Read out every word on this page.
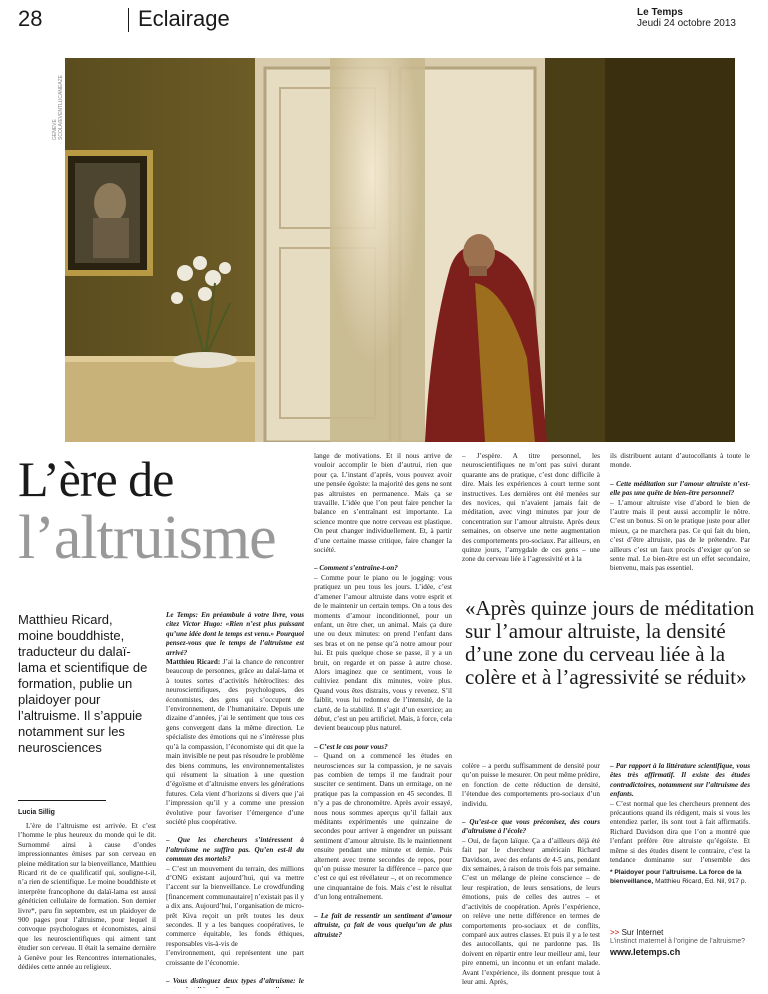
28	Eclairage	Le Temps
Jeudi 24 octobre 2013
GENEVE SCOLA/EVENTLUCANEAZE
L’ère de
l’altruisme
Matthieu Ricard, moine bouddhiste, traducteur du dalaï-lama et scientifique de formation, publie un plaidoyer pour l’altruisme. Il s’appuie notamment sur les neurosciences
Lucia Sillig

L’ère de l’altruisme est arrivée. Et c’est l’homme le plus heureux du monde qui le dit. Surnommé ainsi à cause d’ondes impressionnantes émises par son cerveau en pleine méditation sur la bienveillance, Matthieu Ricard rit de ce qualificatif qui, souligne-t-il, n’a rien de scientifique. Le moine bouddhiste et interprète francophone du dalaï-lama est aussi généticien cellulaire de formation. Son dernier livre*, paru fin septembre, est un plaidoyer de 900 pages pour l’altruisme, pour lequel il convoque psychologues et économistes, ainsi que les neuroscientifiques qui aiment tant étudier son cerveau. Il était la semaine dernière à Genève pour les Rencontres internationales, dédiées cette année au religieux.

Le Temps: En préambule à votre livre, vous citez Victor Hugo: «Rien n’est plus puissant qu’une idée dont le temps est venu.» Pourquoi pensez-vous que le temps de l’altruisme est arrivé?

Matthieu Ricard: J’ai la chance de rencontrer beaucoup de personnes, grâce au dalaï-lama et à toutes sortes d’activités hétéroclites: des neuroscientifiques, des psychologues, des économistes, des gens qui s’occupent de l’environnement, de l’humanitaire. Depuis une dizaine d’années, j’ai le sentiment que tous ces gens convergent dans la même direction. Le spécialiste des émotions qui ne s’intéresse plus qu’à la compassion, l’économiste qui dit que la main invisible ne peut pas résoudre le problème des biens communs, les environnementalistes qui résument la situation à une question d’égoïsme et d’altruisme envers les générations futures. Cela vient d’horizons si divers que j’ai l’impression qu’il y a comme une pression évolutive pour favoriser l’émergence d’une société plus coopérative.

– Que les chercheurs s’intéressent à l’altruisme ne suffira pas. Qu’en est-il du commun des mortels?

– C’est un mouvement du terrain, des millions d’ONG existant aujourd’hui, qui va mettre l’accent sur la bienveillance. Le crowdfunding [financement communautaire] n’existait pas il y a dix ans. Aujourd’hui, l’organisation de micro-prêt Kiva reçoit un prêt toutes les deux secondes. Il y a les banques coopératives, le commerce équitable, les fonds éthiques, responsables vis-à-vis de

l’environnement, qui représentent une part croissante de l’économie.

– Vous distinguez deux types d’altruisme: le

lange de motivations. Et il nous arrive de vouloir accomplir le bien d’autrui, rien que pour ça. L’instant d’après, vous pouvez avoir une pensée égoïste: la majorité des gens ne sont pas altruistes en permanence. Mais ça se travaille. L’idée que l’on peut faire pencher la balance en s’entraînant est importante. La science montre que notre cerveau est plastique. On peut changer individuellement. Et, à partir d’une certaine masse critique, faire changer la société.

– Comment s’entraîne-t-on?

– Comme pour le piano ou le jogging: vous pratiquez un peu tous les jours. L’idée, c’est d’amener l’amour altruiste dans votre esprit et de le maintenir un certain temps. On a tous des moments d’amour inconditionnel, pour un enfant, un être cher, un animal. Mais ça dure une ou deux minutes: on prend l’enfant dans ses bras et on ne pense qu’à notre amour pour lui. Et puis quelque chose se passe, il y a un bruit, on regarde et on passe à autre chose. Alors imaginez que ce sentiment, vous le cultiviez pendant dix minutes, voire plus. Quand vous êtes distraits, vous y revenez. S’il faiblit, vous lui redonnez de l’intensité, de la clarté, de la stabilité. Il s’agit d’un exercice; au début, c’est un peu artificiel. Mais, à force, cela devient beaucoup plus naturel.

– C’est le cas pour vous?

– Quand on a commencé les études en neurosciences sur la compassion, je ne savais pas combien de temps il me faudrait pour susciter ce sentiment. Dans un ermitage, on ne pratique pas la compassion en 45 secondes. Il n’y a pas de chronomètre. Après avoir essayé, nous nous sommes aperçus qu’il fallait aux méditants expérimentés une quinzaine de secondes pour arriver à engendrer un puissant sentiment d’amour altruiste. Ils le maintiennent ensuite pendant une minute et demie. Puis alternent avec trente secondes de repos, pour qu’on puisse mesurer la différence – parce que c’est ce qui est révélateur –, et on recommence une cinquantaine de fois. Mais c’est le résultat d’un long entraînement.

– Le fait de ressentir un sentiment d’amour altruiste, ça fait de vous quelqu’un de plus altruiste?

– J’espère. A titre personnel, les neuroscientifiques ne m’ont pas suivi durant quarante ans de pratique, c’est donc difficile à dire. Mais les expériences à court terme sont instructives. Les dernières ont été menées sur des novices, qui n’avaient jamais fait de méditation, avec vingt minutes par jour de concentration sur l’amour altruiste. Après deux semaines, on observe une nette augmentation des comportements pro-sociaux. Par ailleurs, en quinze jours, l’amygdale de ces gens – une zone du cerveau liée à l’agressivité et à la

ils distribuent autant d’autocollants à toute le monde.

– Cette méditation sur l’amour altruiste n’est-elle pas une quête de bien-être personnel?

– L’amour altruiste vise d’abord le bien de l’autre mais il peut aussi accomplir le nôtre. C’est un bonus. Si on le pratique juste pour aller mieux, ça ne marchera pas. Ce qui fait du bien, c’est d’être altruiste, pas de le prétendre. Par ailleurs c’est un faux procès d’exiger qu’on se sente mal. Le bien-être est un effet secondaire, bienvenu, mais pas essentiel.

«Après quinze jours de méditation sur l’amour altruiste, la densité d’une zone du cerveau liée à la colère et à l’agressivité se réduit»

colère – a perdu suffisamment de densité pour qu’on puisse le mesurer. On peut même prédire, en fonction de cette réduction de densité, l’étendue des comportements pro-sociaux d’un individu.

– Qu’est-ce que vous préconisez, des cours d’altruisme à l’école?

– Oui, de façon laïque. Ça a d’ailleurs déjà été fait par le chercheur américain Richard Davidson, avec des enfants de 4-5 ans, pendant dix semaines, à raison de trois fois par semaine. C’est un mélange de pleine conscience – de leur respiration, de leurs sensations, de leurs émotions, puis de celles des autres – et d’activités de coopération. Après l’expérience, on relève une nette différence en termes de comportements pro-sociaux et de conflits, comparé aux autres classes. Et puis il y a le test des autocollants, qui ne pardonne pas. Ils doivent en répartir entre leur meilleur ami, leur pire ennemi, un inconnu et un enfant malade. Avant l’expérience, ils donnent presque tout à leur ami. Après,

– Par rapport à la littérature scientifique, vous êtes très affirmatif. Il existe des études contradictoires, notamment sur l’altruisme des enfants.

– C’est normal que les chercheurs prennent des précautions quand ils rédigent, mais si vous les entendiez parler, ils sont tout à fait affirmatifs. Richard Davidson dira que l’on a montré que l’enfant préfère être altruiste qu’égoïste. Et même si des études disent le contraire, c’est la tendance dominante sur l’ensemble des

* Plaidoyer pour l’altruisme. La force de la bienveillance, Matthieu Ricard, Ed. Nil, 917 p.
>> Sur Internet
L’instinct maternel à l’origine de l’altruisme?
www.letemps.ch
